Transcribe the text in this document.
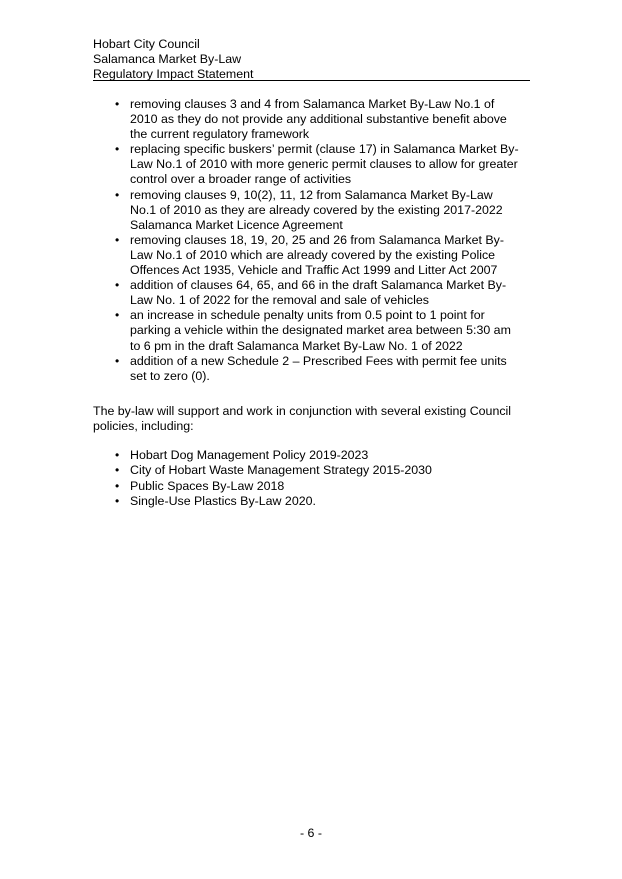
Hobart City Council
Salamanca Market By-Law
Regulatory Impact Statement
• removing clauses 3 and 4 from Salamanca Market By-Law No.1 of
2010 as they do not provide any additional substantive benefit above
the current regulatory framework
• replacing specific buskers’ permit (clause 17) in Salamanca Market By-
Law No.1 of 2010 with more generic permit clauses to allow for greater
control over a broader range of activities
• removing clauses 9, 10(2), 11, 12 from Salamanca Market By-Law
No.1 of 2010 as they are already covered by the existing 2017-2022
Salamanca Market Licence Agreement
• removing clauses 18, 19, 20, 25 and 26 from Salamanca Market By-
Law No.1 of 2010 which are already covered by the existing Police
Offences Act 1935, Vehicle and Traffic Act 1999 and Litter Act 2007
• addition of clauses 64, 65, and 66 in the draft Salamanca Market By-
Law No. 1 of 2022 for the removal and sale of vehicles
• an increase in schedule penalty units from 0.5 point to 1 point for
parking a vehicle within the designated market area between 5:30 am
to 6 pm in the draft Salamanca Market By-Law No. 1 of 2022
• addition of a new Schedule 2 – Prescribed Fees with permit fee units
set to zero (0).
The by-law will support and work in conjunction with several existing Council
policies, including:
• Hobart Dog Management Policy 2019-2023
• City of Hobart Waste Management Strategy 2015-2030
• Public Spaces By-Law 2018
• Single-Use Plastics By-Law 2020.
- 6 -
